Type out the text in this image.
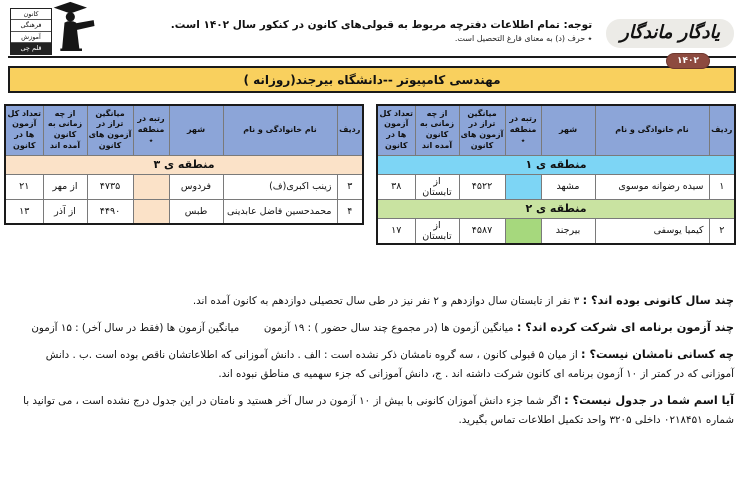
یادگار ماندگار
۱۴۰۲
توجه: تمام اطلاعات دفترچه مربوط به قبولی‌های کانون در کنکور سال ۱۴۰۲ است.
٭ حرف (د) به معنای فارغ التحصیل است.
کانون
فرهنگی
آموزش
قلم چی
مهندسی کامپیوتر --دانشگاه بیرجند(روزانه )
ردیف	نام خانوادگی و نام	شهر	رتبه در منطقه ٭	میانگین تراز در آزمون های کانون	از چه زمانی به کانون آمده اند	تعداد کل آزمون ها در کانون
منطقه ی ۱						
۱	سیده رضوانه موسوی	مشهد		۴۵۲۲	از تابستان	۳۸
منطقه ی ۲						
۲	کیمیا یوسفی	بیرجند		۴۵۸۷	از تابستان	۱۷
ردیف	نام خانوادگی و نام	شهر	رتبه در منطقه ٭	میانگین تراز در آزمون های کانون	از چه زمانی به کانون آمده اند	تعداد کل آزمون ها در کانون
منطقه ی ۳						
۳	زینب اکبری(ف)	فردوس		۴۷۳۵	از مهر	۲۱
۴	محمدحسین فاضل عابدینی	طبس		۴۴۹۰	از آذر	۱۳

چند سال کانونی بوده اند؟ : ۳ نفر از تابستان سال دوازدهم و ۲ نفر نیز در طی سال تحصیلی دوازدهم به کانون آمده اند.

چند آزمون برنامه ای شرکت کرده اند؟ : میانگین آزمون ها (در مجموع چند سال حضور ) : ۱۹ آزمون  میانگین آزمون ها (فقط در سال آخر) : ۱۵ آزمون

چه کسانی نامشان نیست؟ : از میان ۵ قبولی کانون ، سه گروه نامشان ذکر نشده است : الف . دانش آموزانی که اطلاعاتشان ناقص بوده است .ب . دانش آموزانی که در کمتر از ۱۰ آزمون برنامه ای کانون شرکت داشته اند . ج، دانش آموزانی که جزء سهمیه ی مناطق نبوده اند.

آیا اسم شما در جدول نیست؟ : اگر شما جزء دانش آموزان کانونی با بیش از ۱۰ آزمون در سال آخر هستید و نامتان در این جدول درج نشده است ، می توانید با شماره ۰۲۱۸۴۵۱ داخلی ۳۲۰۵ واحد تکمیل اطلاعات تماس بگیرید.
